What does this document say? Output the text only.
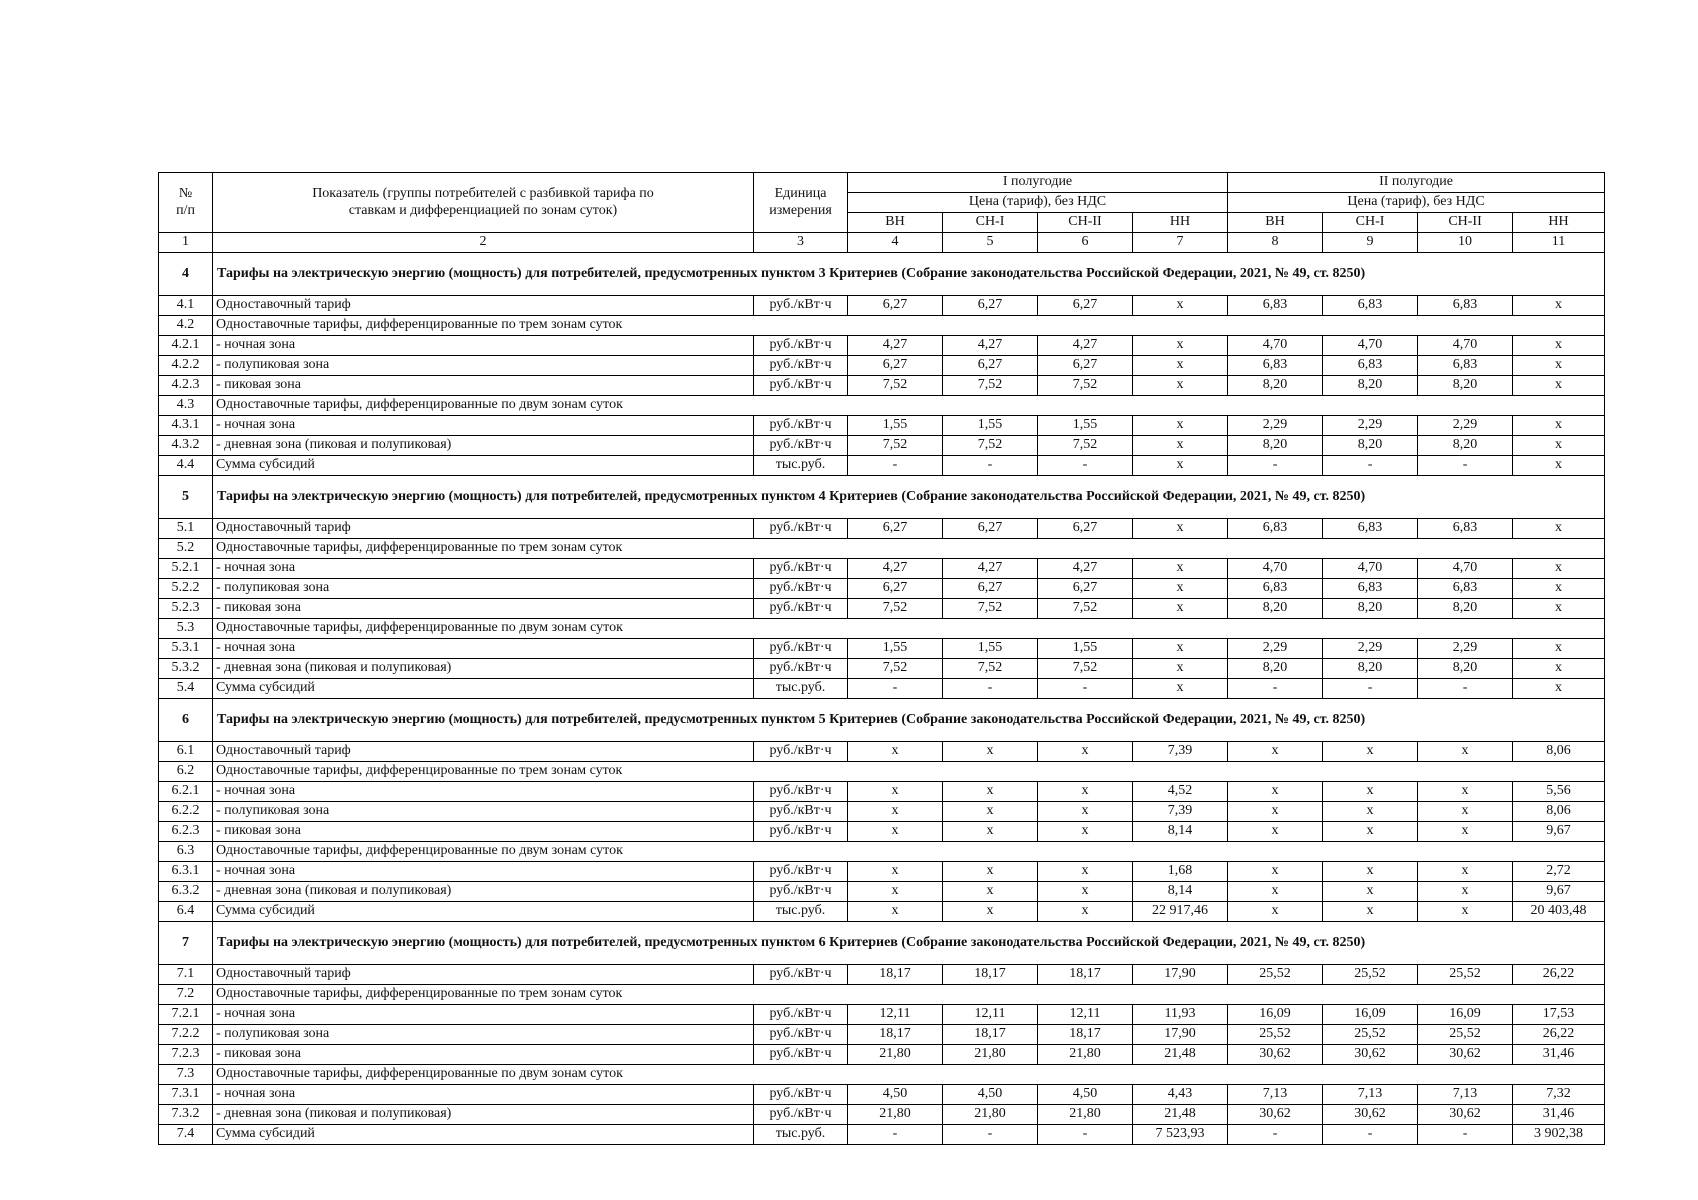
№
п/п	Показатель (группы потребителей с разбивкой тарифа по ставкам и дифференциацией по зонам суток)	Единица измерения	I полугодие				II полугодие			
			Цена (тариф), без НДС				Цена (тариф), без НДС			
			ВН	СН-I	СН-II	НН	ВН	СН-I	СН-II	НН
1	2	3	4	5	6	7	8	9	10	11
4	Тарифы на электрическую энергию (мощность) для потребителей, предусмотренных пунктом 3 Критериев (Собрание законодательства Российской Федерации, 2021, № 49, ст. 8250)									
4.1	Одноставочный тариф	руб./кВт·ч	6,27	6,27	6,27	х	6,83	6,83	6,83	х
4.2	Одноставочные тарифы, дифференцированные по трем зонам суток									
4.2.1	- ночная зона	руб./кВт·ч	4,27	4,27	4,27	х	4,70	4,70	4,70	х
4.2.2	- полупиковая зона	руб./кВт·ч	6,27	6,27	6,27	х	6,83	6,83	6,83	х
4.2.3	- пиковая зона	руб./кВт·ч	7,52	7,52	7,52	х	8,20	8,20	8,20	х
4.3	Одноставочные тарифы, дифференцированные по двум зонам суток									
4.3.1	- ночная зона	руб./кВт·ч	1,55	1,55	1,55	х	2,29	2,29	2,29	х
4.3.2	- дневная зона (пиковая и полупиковая)	руб./кВт·ч	7,52	7,52	7,52	х	8,20	8,20	8,20	х
4.4	Сумма субсидий	тыс.руб.	-	-	-	х	-	-	-	х
5	Тарифы на электрическую энергию (мощность) для потребителей, предусмотренных пунктом 4 Критериев (Собрание законодательства Российской Федерации, 2021, № 49, ст. 8250)									
5.1	Одноставочный тариф	руб./кВт·ч	6,27	6,27	6,27	х	6,83	6,83	6,83	х
5.2	Одноставочные тарифы, дифференцированные по трем зонам суток									
5.2.1	- ночная зона	руб./кВт·ч	4,27	4,27	4,27	х	4,70	4,70	4,70	х
5.2.2	- полупиковая зона	руб./кВт·ч	6,27	6,27	6,27	х	6,83	6,83	6,83	х
5.2.3	- пиковая зона	руб./кВт·ч	7,52	7,52	7,52	х	8,20	8,20	8,20	х
5.3	Одноставочные тарифы, дифференцированные по двум зонам суток									
5.3.1	- ночная зона	руб./кВт·ч	1,55	1,55	1,55	х	2,29	2,29	2,29	х
5.3.2	- дневная зона (пиковая и полупиковая)	руб./кВт·ч	7,52	7,52	7,52	х	8,20	8,20	8,20	х
5.4	Сумма субсидий	тыс.руб.	-	-	-	х	-	-	-	х
6	Тарифы на электрическую энергию (мощность) для потребителей, предусмотренных пунктом 5 Критериев (Собрание законодательства Российской Федерации, 2021, № 49, ст. 8250)									
6.1	Одноставочный тариф	руб./кВт·ч	х	х	х	7,39	х	х	х	8,06
6.2	Одноставочные тарифы, дифференцированные по трем зонам суток									
6.2.1	- ночная зона	руб./кВт·ч	х	х	х	4,52	х	х	х	5,56
6.2.2	- полупиковая зона	руб./кВт·ч	х	х	х	7,39	х	х	х	8,06
6.2.3	- пиковая зона	руб./кВт·ч	х	х	х	8,14	х	х	х	9,67
6.3	Одноставочные тарифы, дифференцированные по двум зонам суток									
6.3.1	- ночная зона	руб./кВт·ч	х	х	х	1,68	х	х	х	2,72
6.3.2	- дневная зона (пиковая и полупиковая)	руб./кВт·ч	х	х	х	8,14	х	х	х	9,67
6.4	Сумма субсидий	тыс.руб.	х	х	х	22 917,46	х	х	х	20 403,48
7	Тарифы на электрическую энергию (мощность) для потребителей, предусмотренных пунктом 6 Критериев (Собрание законодательства Российской Федерации, 2021, № 49, ст. 8250)									
7.1	Одноставочный тариф	руб./кВт·ч	18,17	18,17	18,17	17,90	25,52	25,52	25,52	26,22
7.2	Одноставочные тарифы, дифференцированные по трем зонам суток									
7.2.1	- ночная зона	руб./кВт·ч	12,11	12,11	12,11	11,93	16,09	16,09	16,09	17,53
7.2.2	- полупиковая зона	руб./кВт·ч	18,17	18,17	18,17	17,90	25,52	25,52	25,52	26,22
7.2.3	- пиковая зона	руб./кВт·ч	21,80	21,80	21,80	21,48	30,62	30,62	30,62	31,46
7.3	Одноставочные тарифы, дифференцированные по двум зонам суток									
7.3.1	- ночная зона	руб./кВт·ч	4,50	4,50	4,50	4,43	7,13	7,13	7,13	7,32
7.3.2	- дневная зона (пиковая и полупиковая)	руб./кВт·ч	21,80	21,80	21,80	21,48	30,62	30,62	30,62	31,46
7.4	Сумма субсидий	тыс.руб.	-	-	-	7 523,93	-	-	-	3 902,38
